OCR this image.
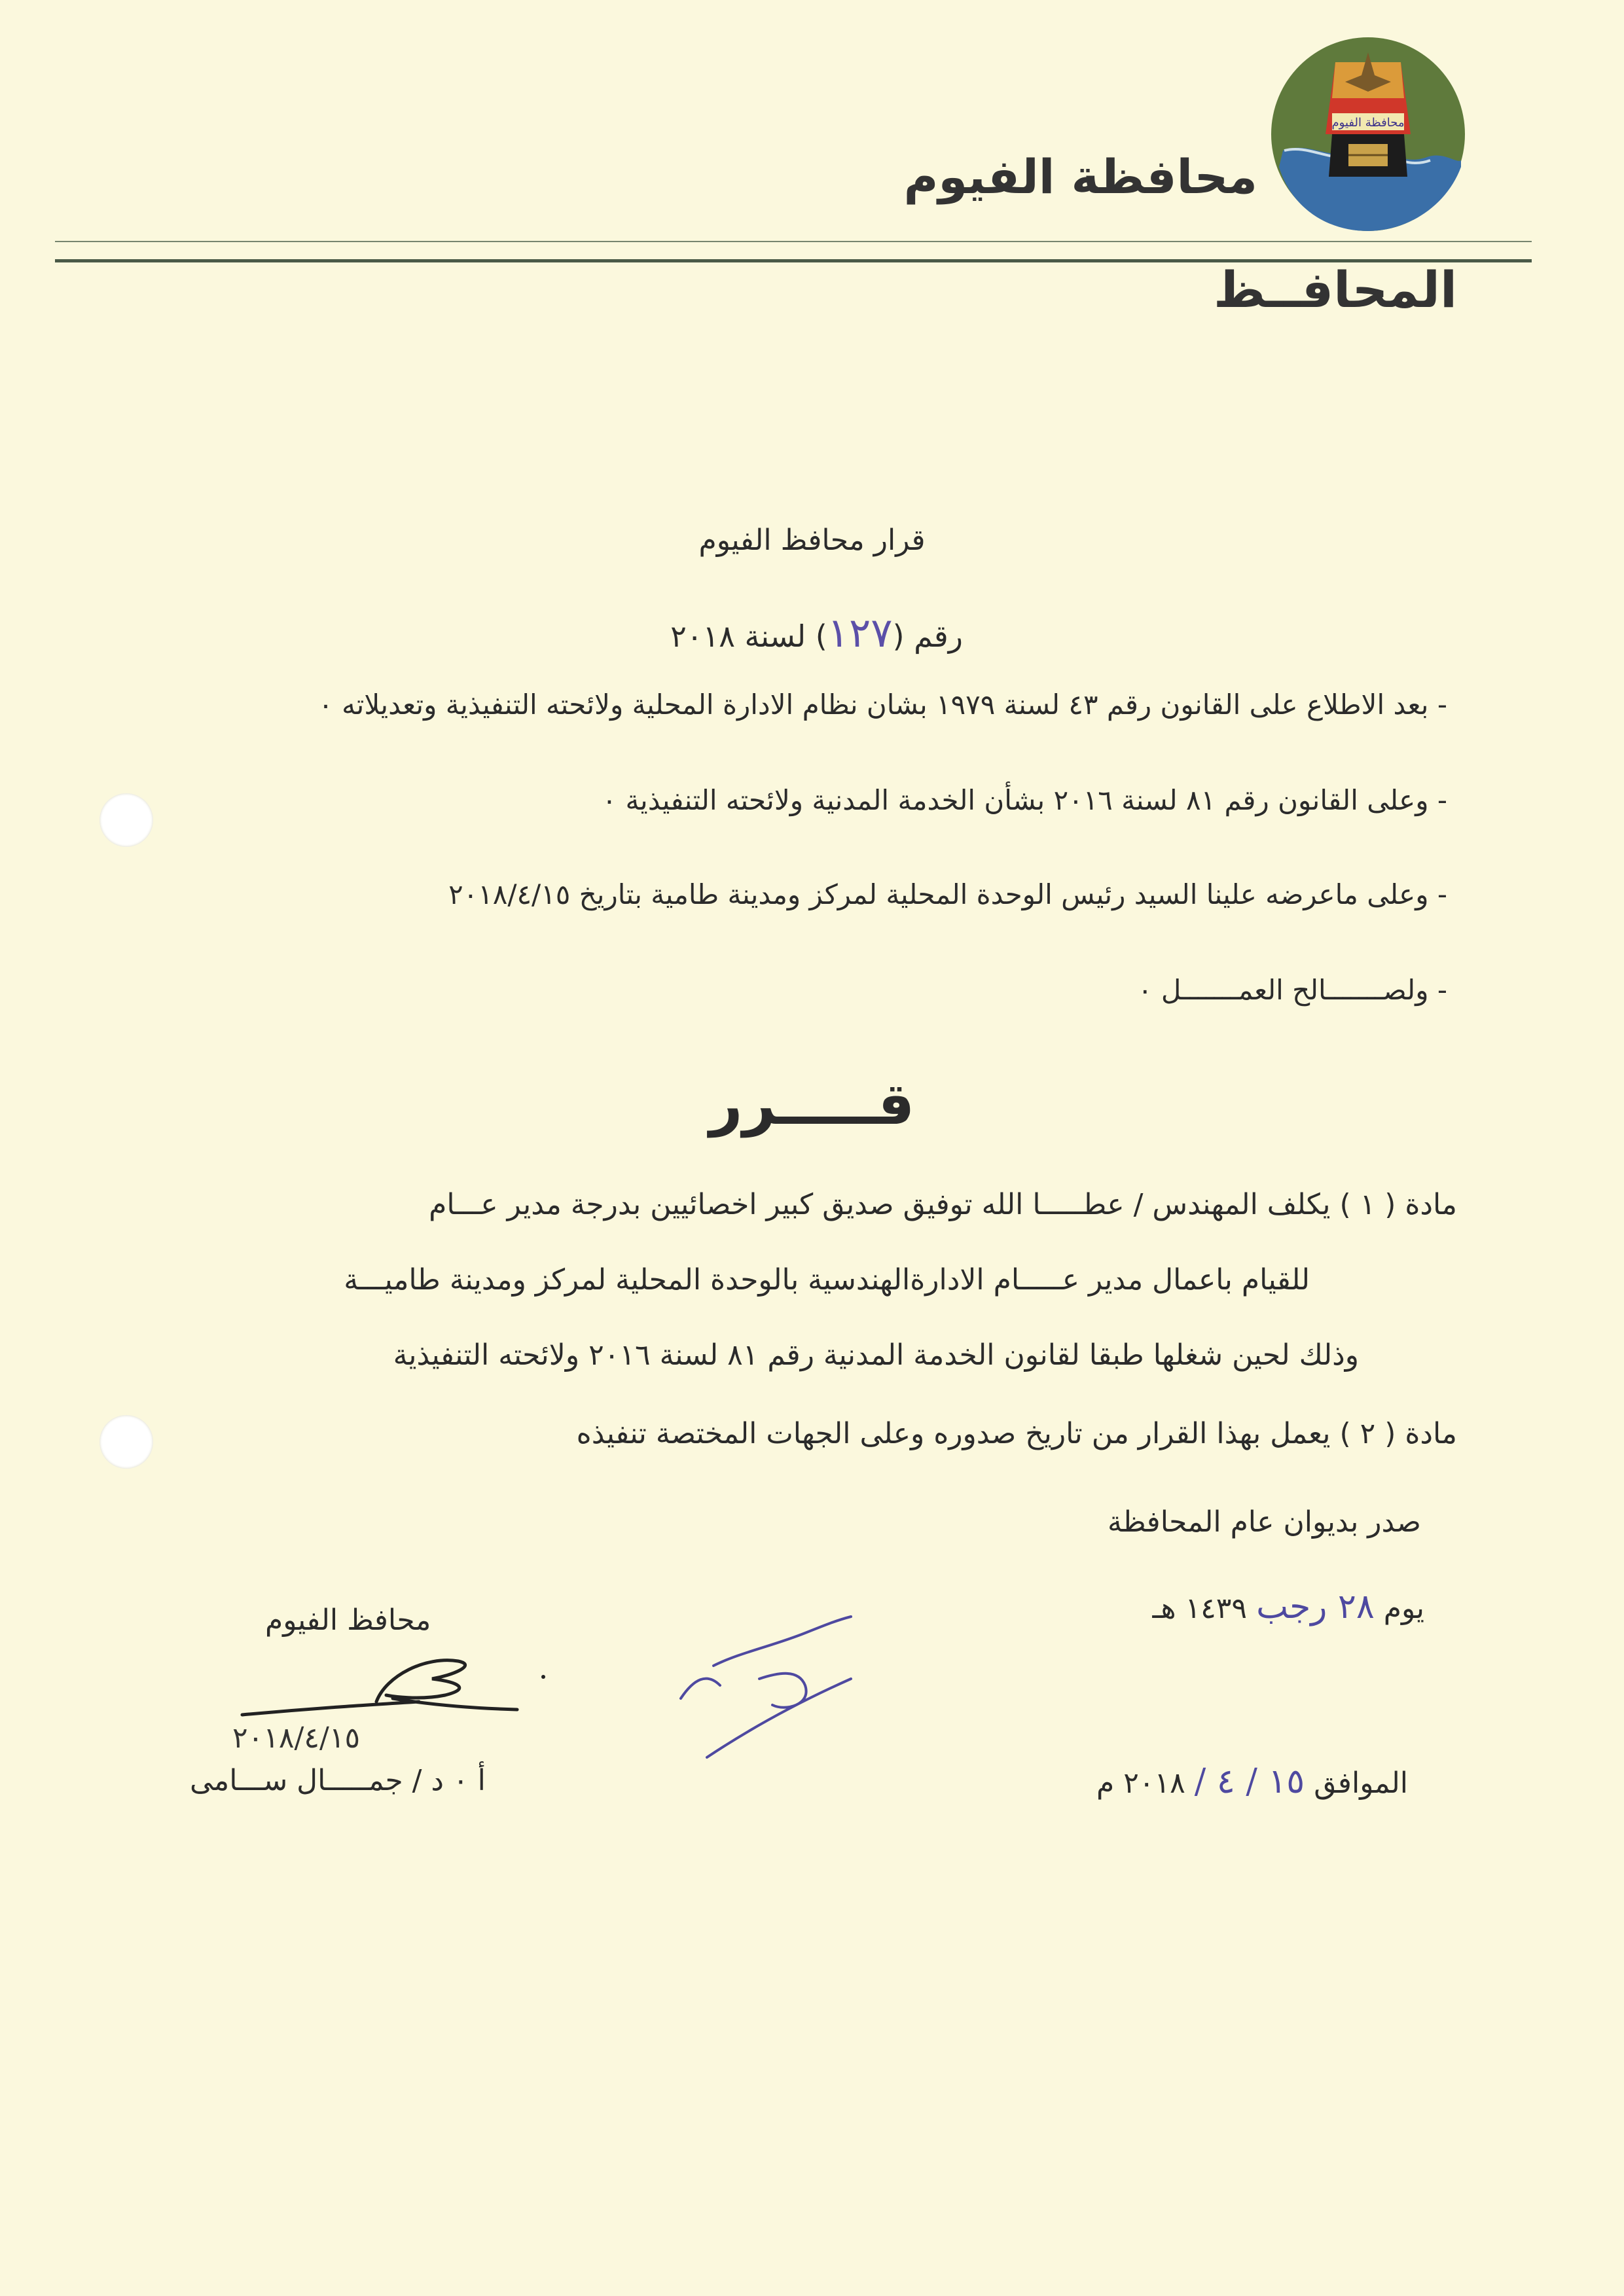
محافظة الفيوم
محافظة الفيوم
المحافــظ
قرار محافظ الفيوم
رقم (١٢٧) لسنة ٢٠١٨
- بعد الاطلاع على القانون رقم ٤٣ لسنة ١٩٧٩ بشان نظام الادارة المحلية ولائحته التنفيذية وتعديلاته ٠
- وعلى القانون رقم ٨١ لسنة ٢٠١٦ بشأن الخدمة المدنية ولائحته التنفيذية ٠
- وعلى ماعرضه علينا السيد رئيس الوحدة المحلية لمركز ومدينة طامية بتاريخ ٢٠١٨/٤/١٥
- ولصـــــــالح العمـــــــل ٠
قـــــرر
مادة ( ١ ) يكلف المهندس / عطـــــا الله توفيق صديق كبير اخصائيين بدرجة مدير عـــام
للقيام باعمال مدير عـــــام الادارةالهندسية بالوحدة المحلية لمركز ومدينة طاميـــة
وذلك لحين شغلها طبقا لقانون الخدمة المدنية رقم ٨١ لسنة ٢٠١٦ ولائحته التنفيذية
مادة ( ٢ ) يعمل بهذا القرار من تاريخ صدوره وعلى الجهات المختصة تنفيذه
صدر بديوان عام المحافظة
يوم ٢٨ رجب ١٤٣٩ هـ
الموافق ١٥ / ٤ / ٢٠١٨ م
محافظ الفيوم
٢٠١٨/٤/١٥
أ ٠ د / جمـــــال ســـامى
